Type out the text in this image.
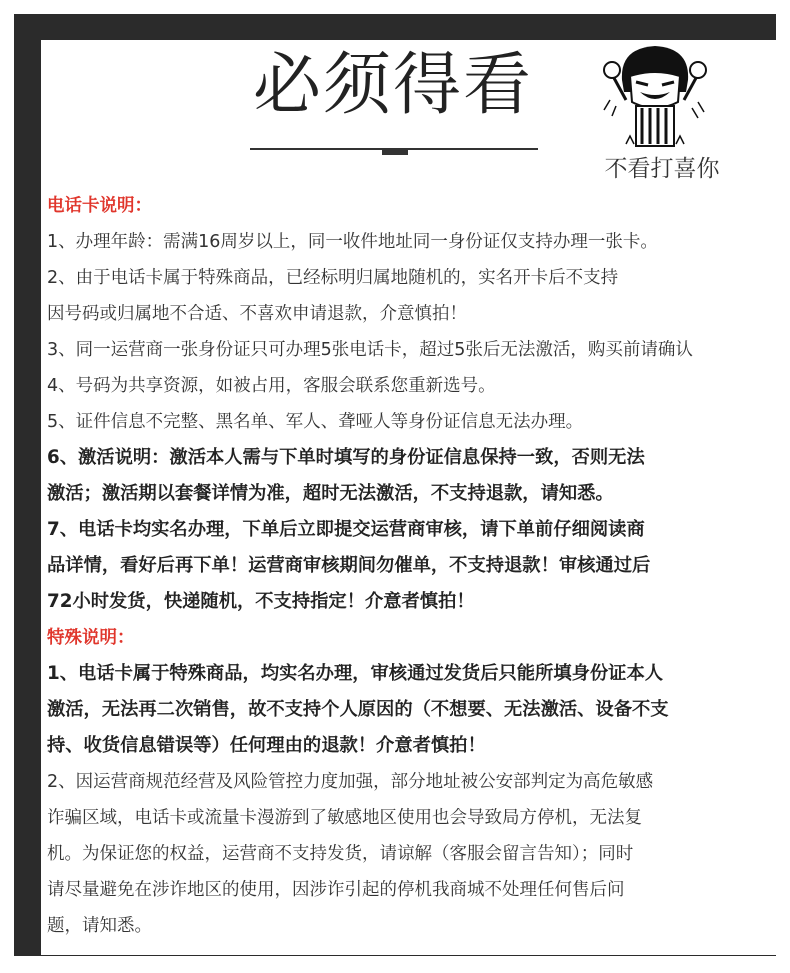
必须得看
不看打喜你
电话卡说明：
1、办理年龄：需满16周岁以上，同一收件地址同一身份证仅支持办理一张卡。
2、由于电话卡属于特殊商品，已经标明归属地随机的，实名开卡后不支持
因号码或归属地不合适、不喜欢申请退款，介意慎拍！
3、同一运营商一张身份证只可办理5张电话卡，超过5张后无法激活，购买前请确认
4、号码为共享资源，如被占用，客服会联系您重新选号。
5、证件信息不完整、黑名单、军人、聋哑人等身份证信息无法办理。
6、激活说明：激活本人需与下单时填写的身份证信息保持一致，否则无法
激活；激活期以套餐详情为准，超时无法激活，不支持退款，请知悉。
7、电话卡均实名办理，下单后立即提交运营商审核，请下单前仔细阅读商
品详情，看好后再下单！运营商审核期间勿催单，不支持退款！审核通过后
72小时发货，快递随机，不支持指定！介意者慎拍！
特殊说明：
1、电话卡属于特殊商品，均实名办理，审核通过发货后只能所填身份证本人
激活，无法再二次销售，故不支持个人原因的（不想要、无法激活、设备不支
持、收货信息错误等）任何理由的退款！介意者慎拍！
2、因运营商规范经营及风险管控力度加强，部分地址被公安部判定为高危敏感
诈骗区域，电话卡或流量卡漫游到了敏感地区使用也会导致局方停机，无法复
机。为保证您的权益，运营商不支持发货，请谅解（客服会留言告知）；同时
请尽量避免在涉诈地区的使用，因涉诈引起的停机我商城不处理任何售后问
题，请知悉。
